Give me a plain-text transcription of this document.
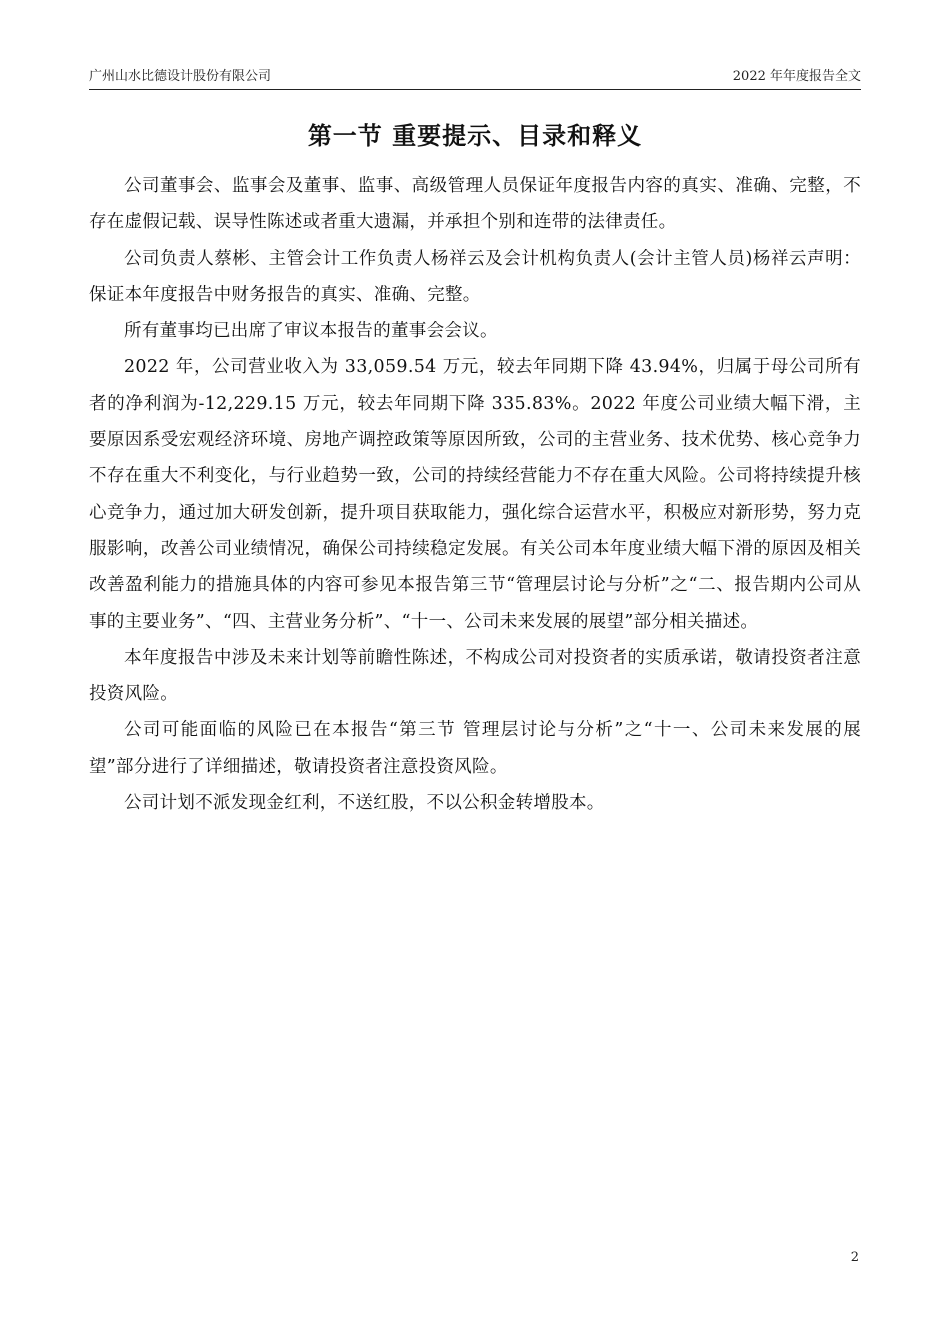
广州山水比德设计股份有限公司	2022 年年度报告全文
第一节 重要提示、目录和释义

公司董事会、监事会及董事、监事、高级管理人员保证年度报告内容的真实、准确、完整，不存在虚假记载、误导性陈述或者重大遗漏，并承担个别和连带的法律责任。

公司负责人蔡彬、主管会计工作负责人杨祥云及会计机构负责人(会计主管人员)杨祥云声明：保证本年度报告中财务报告的真实、准确、完整。

所有董事均已出席了审议本报告的董事会会议。

2022 年，公司营业收入为 33,059.54 万元，较去年同期下降 43.94%，归属于母公司所有者的净利润为-12,229.15 万元，较去年同期下降 335.83%。2022 年度公司业绩大幅下滑，主要原因系受宏观经济环境、房地产调控政策等原因所致，公司的主营业务、技术优势、核心竞争力不存在重大不利变化，与行业趋势一致，公司的持续经营能力不存在重大风险。公司将持续提升核心竞争力，通过加大研发创新，提升项目获取能力，强化综合运营水平，积极应对新形势，努力克服影响，改善公司业绩情况，确保公司持续稳定发展。有关公司本年度业绩大幅下滑的原因及相关改善盈利能力的措施具体的内容可参见本报告第三节“管理层讨论与分析”之“二、报告期内公司从事的主要业务”、“四、主营业务分析”、“十一、公司未来发展的展望”部分相关描述。

本年度报告中涉及未来计划等前瞻性陈述，不构成公司对投资者的实质承诺，敬请投资者注意投资风险。

公司可能面临的风险已在本报告“第三节 管理层讨论与分析”之“十一、公司未来发展的展望”部分进行了详细描述，敬请投资者注意投资风险。

公司计划不派发现金红利，不送红股，不以公积金转增股本。

2
